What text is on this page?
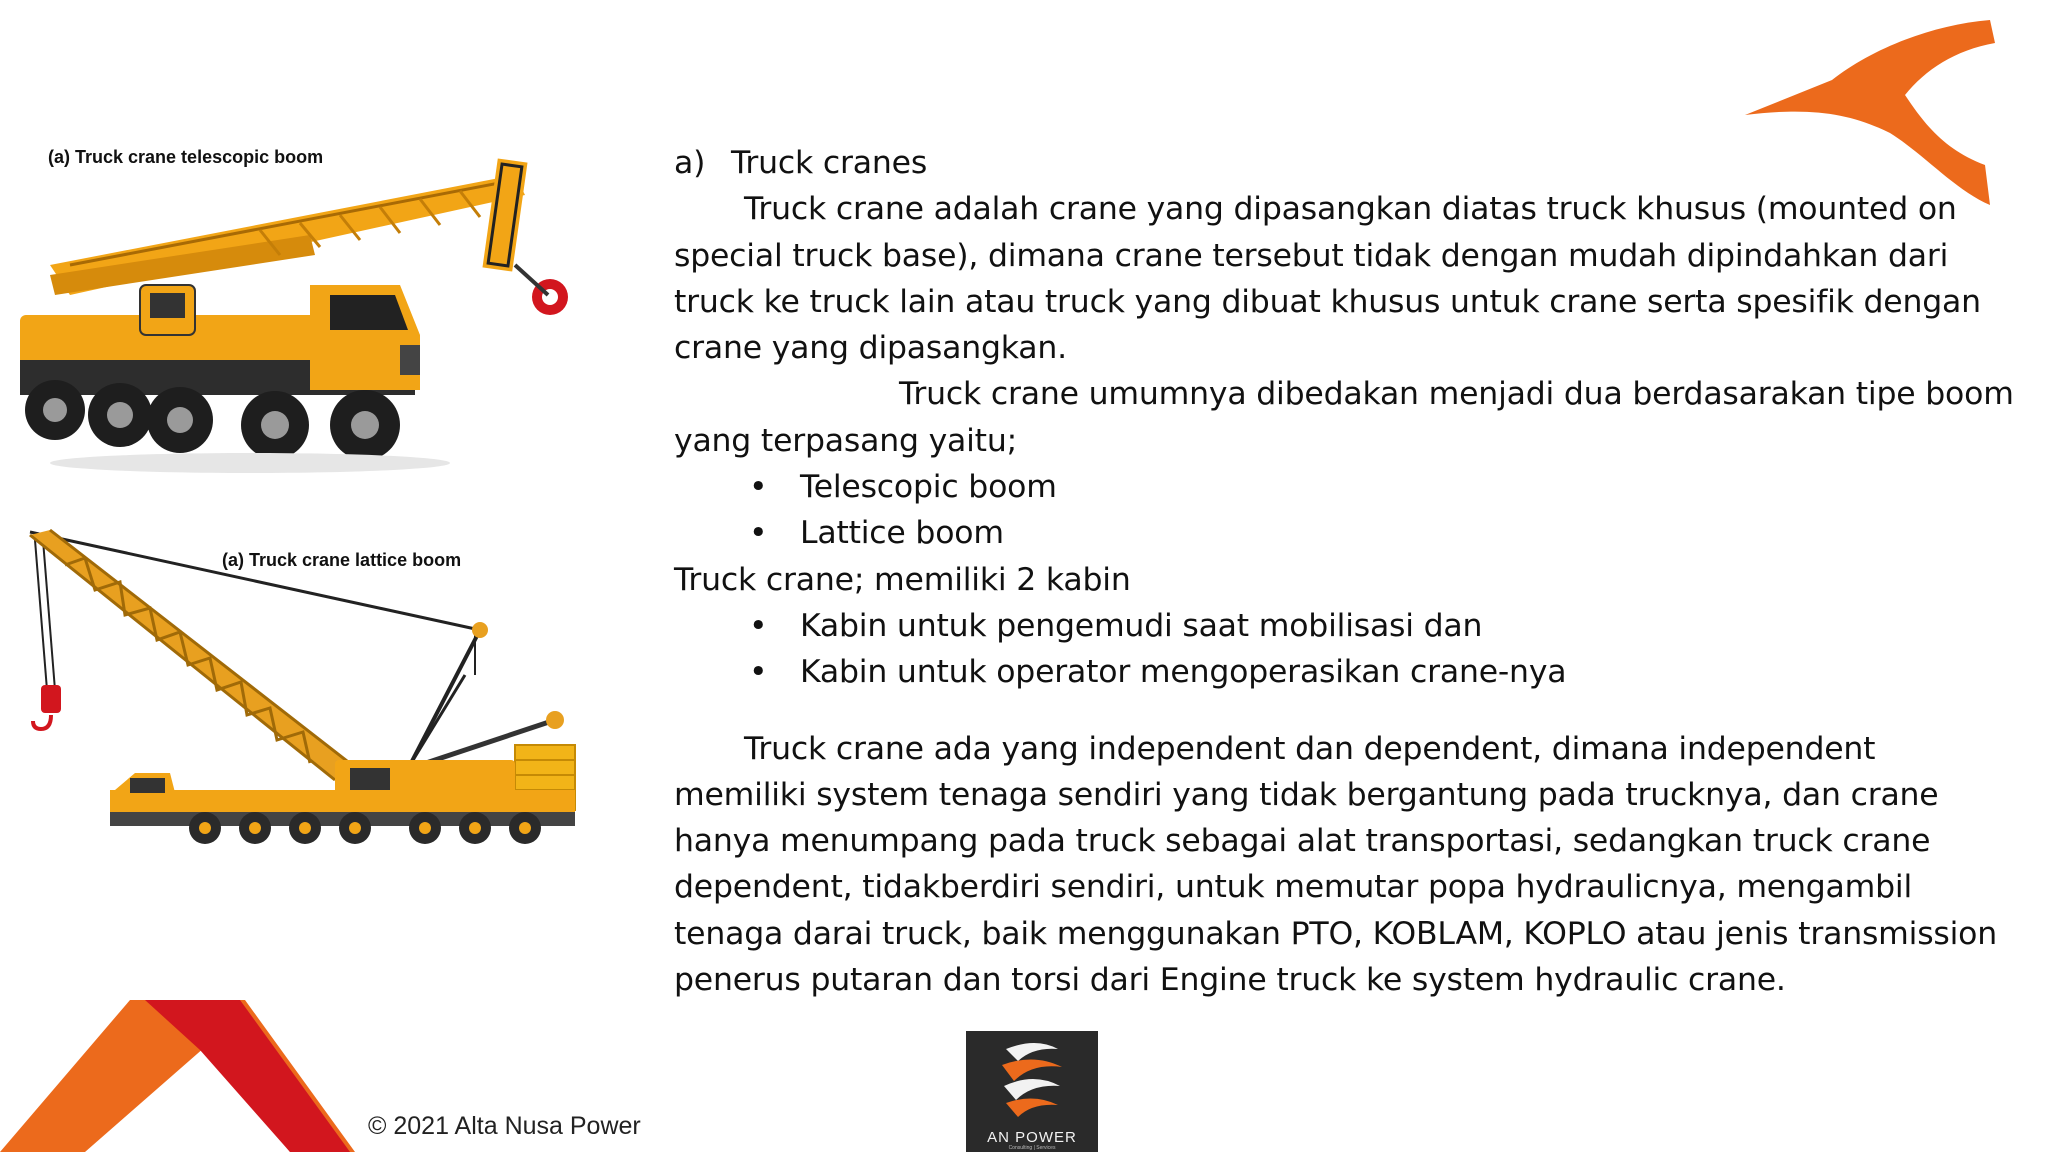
(a) Truck crane telescopic boom
(a) Truck crane lattice boom

a) Truck cranes

Truck crane adalah crane yang dipasangkan diatas truck khusus (mounted on special truck base), dimana crane tersebut tidak dengan mudah dipindahkan dari truck ke truck lain atau truck yang dibuat khusus untuk crane serta spesifik dengan crane yang dipasangkan.

Truck crane umumnya dibedakan menjadi dua berdasarakan tipe boom yang terpasang yaitu;

• Telescopic boom

• Lattice boom

Truck crane; memiliki 2 kabin

• Kabin untuk pengemudi saat mobilisasi dan

• Kabin untuk operator mengoperasikan crane-nya

Truck crane ada yang independent dan dependent, dimana independent memiliki system tenaga sendiri yang tidak bergantung pada trucknya, dan crane hanya menumpang pada truck sebagai alat transportasi, sedangkan truck crane dependent, tidakberdiri sendiri, untuk memutar popa hydraulicnya, mengambil tenaga darai truck, baik menggunakan PTO, KOBLAM, KOPLO atau jenis transmission penerus putaran dan torsi dari Engine truck ke system hydraulic crane.

© 2021 Alta Nusa Power	AN POWER
Consulting | Services
